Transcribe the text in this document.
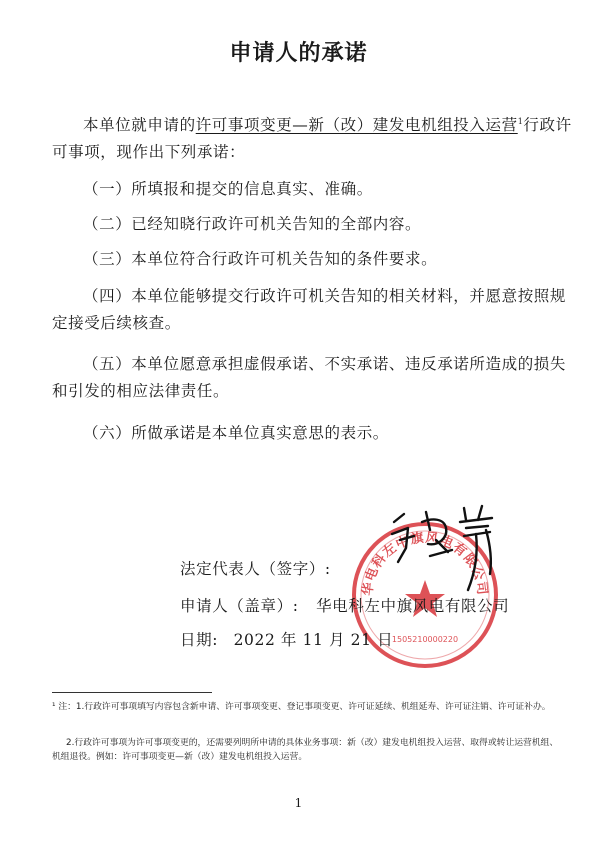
申请人的承诺
本单位就申请的许可事项变更—新（改）建发电机组投入运营$^1$行政许可事项，现作出下列承诺：
（一）所填报和提交的信息真实、准确。
（二）已经知晓行政许可机关告知的全部内容。
（三）本单位符合行政许可机关告知的条件要求。
（四）本单位能够提交行政许可机关告知的相关材料，并愿意按照规定接受后续核查。
（五）本单位愿意承担虚假承诺、不实承诺、违反承诺所造成的损失和引发的相应法律责任。
（六）所做承诺是本单位真实意思的表示。
华电科左中旗风电有限公司
1505210000220
法定代表人（签字）:
申请人（盖章）: 华电科左中旗风电有限公司
日期: 2022 年 11 月 21 日
¹ 注：1.行政许可事项填写内容包含新申请、许可事项变更、登记事项变更、许可证延续、机组延寿、许可证注销、许可证补办。
2.行政许可事项为许可事项变更的，还需要列明所申请的具体业务事项：新（改）建发电机组投入运营、取得或转让运营机组、机组退役。例如：许可事项变更—新（改）建发电机组投入运营。
1
